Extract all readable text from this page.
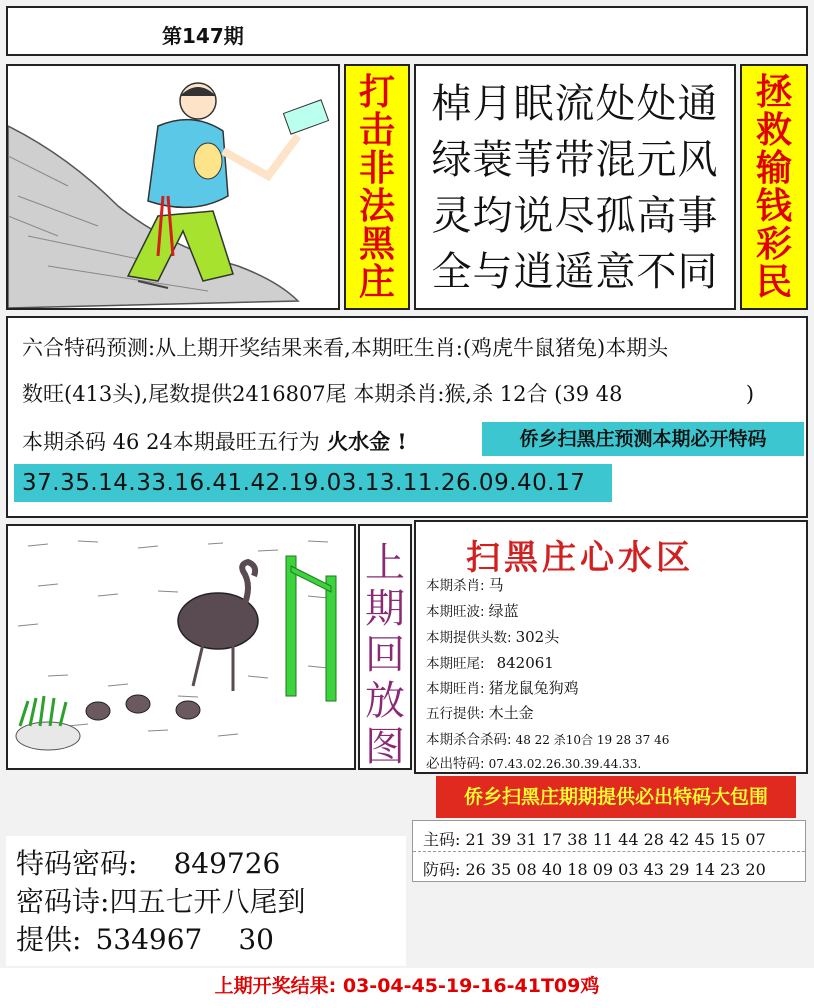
第147期
打
击
非
法
黑
庄
棹月眠流处处通
绿蓑苇带混元风
灵均说尽孤高事
全与逍遥意不同
拯
救
输
钱
彩
民
六合特码预测:从上期开奖结果来看,本期旺生肖:(鸡虎牛鼠猪兔)本期头
数旺(413头),尾数提供2416807尾 本期杀肖:猴,杀 12合 (39 48	)
本期杀码 46 24本期最旺五行为 火水金 !	侨乡扫黑庄预测本期必开特码
37.35.14.33.16.41.42.19.03.13.11.26.09.40.17
上
期
回
放
图
扫黑庄心水区
本期杀肖: 马
本期旺波: 绿蓝
本期提供头数: 302头
本期旺尾: 842061
本期旺肖: 猪龙鼠兔狗鸡
五行提供: 木土金
本期杀合杀码: 48 22 杀10合 19 28 37 46
必出特码: 07.43.02.26.30.39.44.33.
侨乡扫黑庄期期提供必出特码大包围
主码: 21 39 31 17 38 11 44 28 42 45 15 07
防码: 26 35 08 40 18 09 03 43 29 14 23 20
特码密码: 849726
密码诗:四五七开八尾到
提供: 534967 30
上期开奖结果: 03-04-45-19-16-41T09鸡
